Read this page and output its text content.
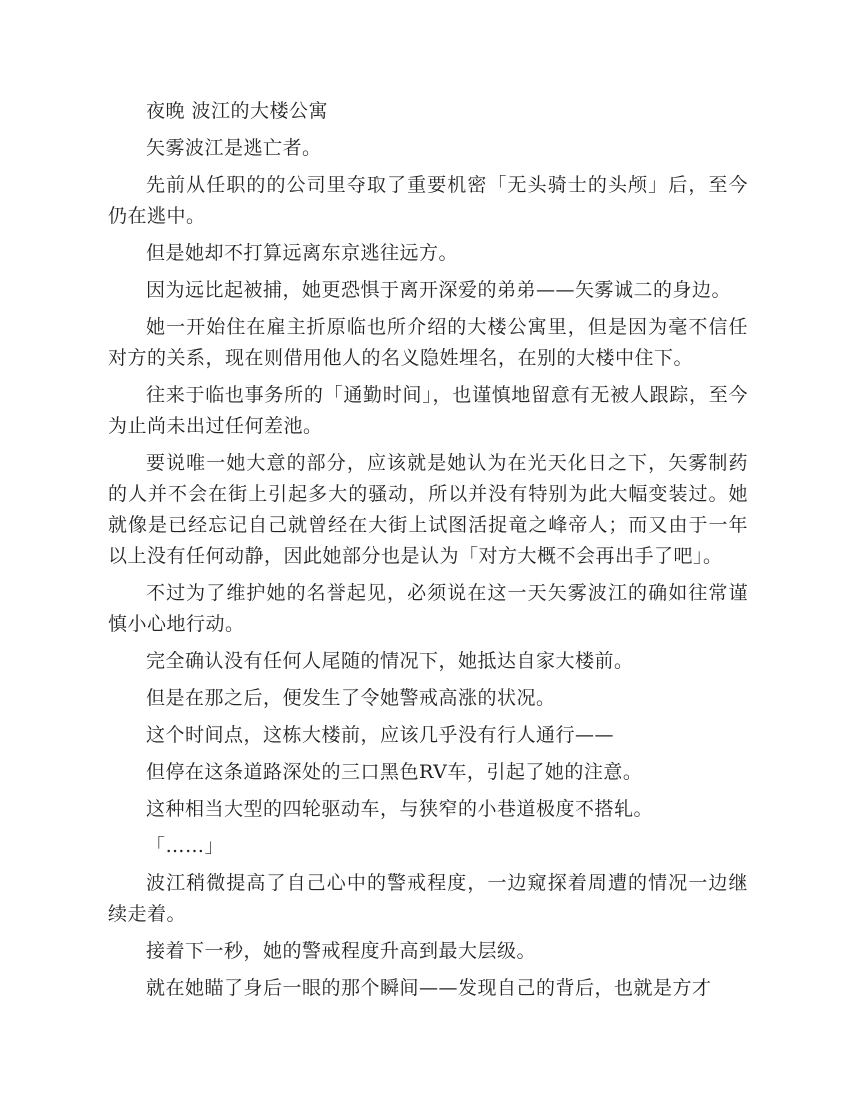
夜晚 波江的大楼公寓

矢雾波江是逃亡者。

先前从任职的的公司里夺取了重要机密「无头骑士的头颅」后，至今仍在逃中。

但是她却不打算远离东京逃往远方。

因为远比起被捕，她更恐惧于离开深爱的弟弟——矢雾诚二的身边。

她一开始住在雇主折原临也所介绍的大楼公寓里，但是因为毫不信任对方的关系，现在则借用他人的名义隐姓埋名，在别的大楼中住下。

往来于临也事务所的「通勤时间」，也谨慎地留意有无被人跟踪，至今为止尚未出过任何差池。

要说唯一她大意的部分，应该就是她认为在光天化日之下，矢雾制药的人并不会在街上引起多大的骚动，所以并没有特别为此大幅变装过。她就像是已经忘记自己就曾经在大街上试图活捉竜之峰帝人；而又由于一年以上没有任何动静，因此她部分也是认为「对方大概不会再出手了吧」。

不过为了维护她的名誉起见，必须说在这一天矢雾波江的确如往常谨慎小心地行动。

完全确认没有任何人尾随的情况下，她抵达自家大楼前。

但是在那之后，便发生了令她警戒高涨的状况。

这个时间点，这栋大楼前，应该几乎没有行人通行——

但停在这条道路深处的三口黑色RV车，引起了她的注意。

这种相当大型的四轮驱动车，与狭窄的小巷道极度不搭轧。

「……」

波江稍微提高了自己心中的警戒程度，一边窥探着周遭的情况一边继续走着。

接着下一秒，她的警戒程度升高到最大层级。

就在她瞄了身后一眼的那个瞬间——发现自己的背后，也就是方才
